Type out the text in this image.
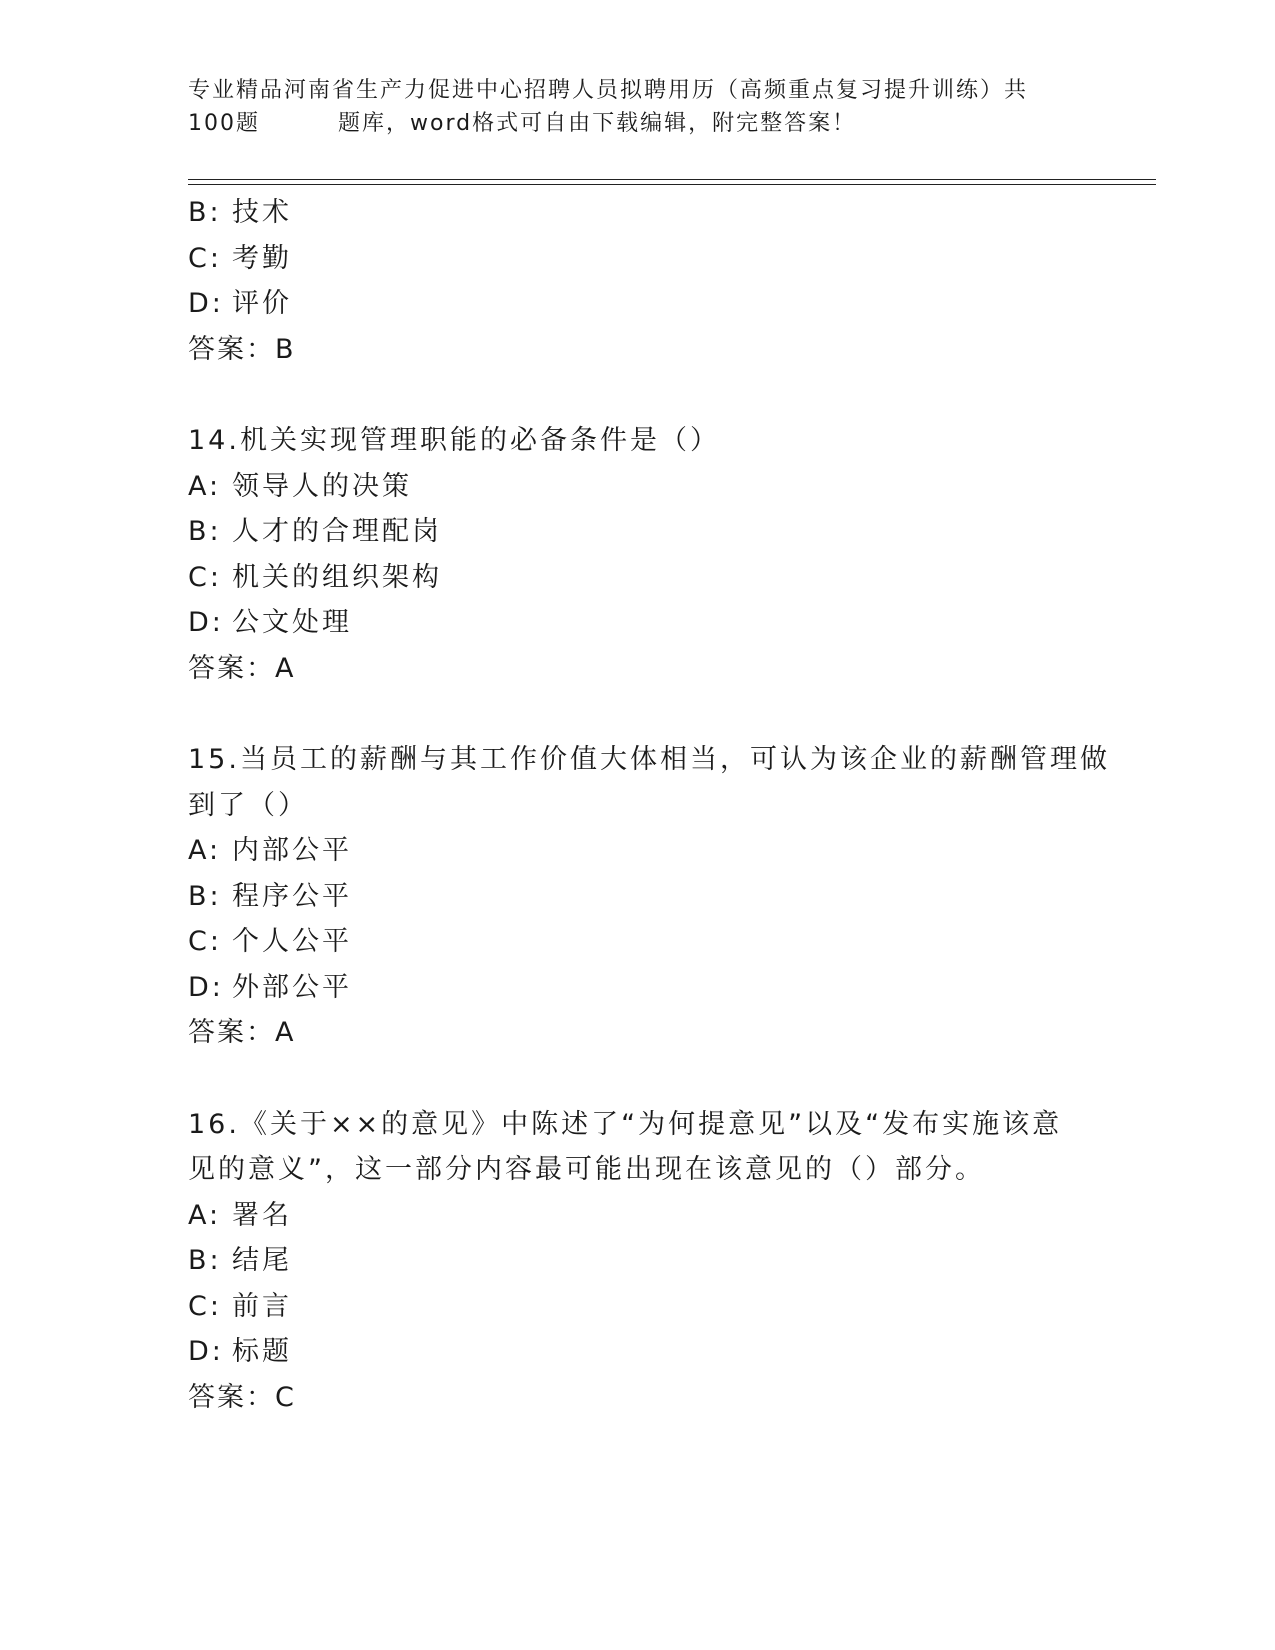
专业精品河南省生产力促进中心招聘人员拟聘用历（高频重点复习提升训练）共
100题	题库，word格式可自由下载编辑，附完整答案！
B: 技术
C: 考勤
D: 评价
答案：B
14.机关实现管理职能的必备条件是（）
A: 领导人的决策
B: 人才的合理配岗
C: 机关的组织架构
D: 公文处理
答案：A
15.当员工的薪酬与其工作价值大体相当，可认为该企业的薪酬管理做
到了（）
A: 内部公平
B: 程序公平
C: 个人公平
D: 外部公平
答案：A
16.《关于××的意见》中陈述了“为何提意见”以及“发布实施该意
见的意义”，这一部分内容最可能出现在该意见的（）部分。
A: 署名
B: 结尾
C: 前言
D: 标题
答案：C
